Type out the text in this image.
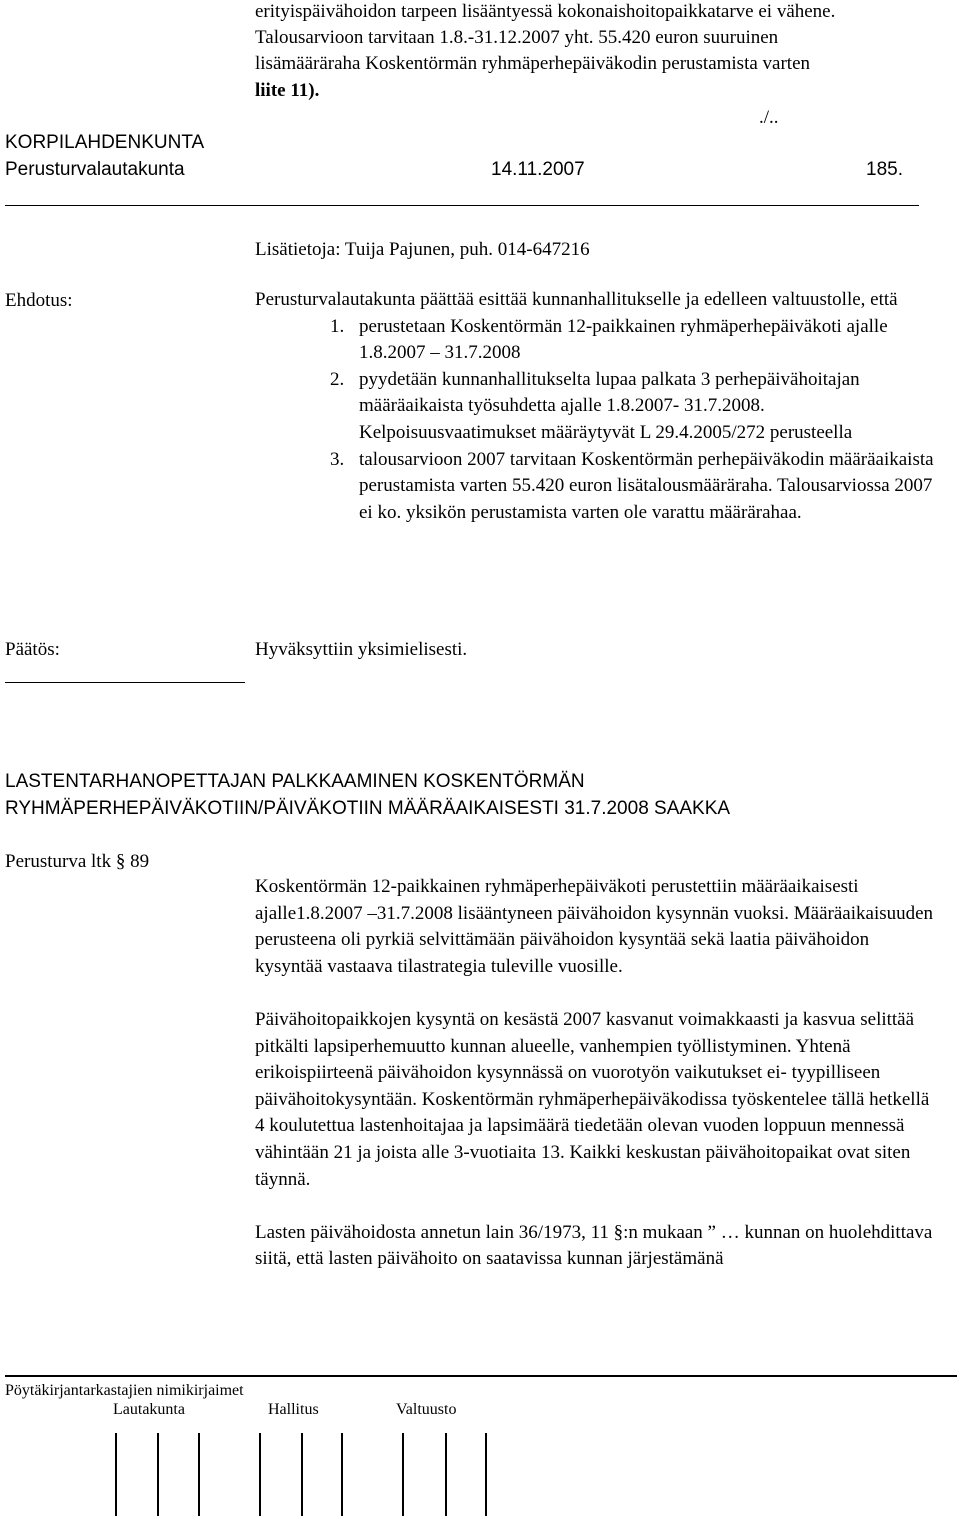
erityispäivähoidon tarpeen lisääntyessä kokonaishoitopaikkatarve ei vähene.
Talousarvioon tarvitaan 1.8.-31.12.2007 yht. 55.420 euron suuruinen
lisämääräraha Koskentörmän ryhmäperhepäiväkodin perustamista varten
liite 11).
./..
KORPILAHDENKUNTA
Perusturvalautakunta	14.11.2007	185.
Lisätietoja: Tuija Pajunen, puh. 014-647216
Ehdotus:	Perusturvalautakunta päättää esittää kunnanhallitukselle ja edelleen valtuustolle, että
1. perustetaan Koskentörmän 12-paikkainen ryhmäperhepäiväkoti ajalle 1.8.2007 – 31.7.2008
2. pyydetään kunnanhallitukselta lupaa palkata 3 perhepäivähoitajan määräaikaista työsuhdetta ajalle 1.8.2007- 31.7.2008. Kelpoisuusvaatimukset määräytyvät L 29.4.2005/272 perusteella
3. talousarvioon 2007 tarvitaan Koskentörmän perhepäiväkodin määräaikaista perustamista varten 55.420 euron lisätalousmääräraha. Talousarviossa 2007 ei ko. yksikön perustamista varten ole varattu määrärahaa.
Päätös:	Hyväksyttiin yksimielisesti.
LASTENTARHANOPETTAJAN PALKKAAMINEN KOSKENTÖRMÄN
RYHMÄPERHEPÄIVÄKOTIIN/PÄIVÄKOTIIN MÄÄRÄAIKAISESTI 31.7.2008 SAAKKA
Perusturva ltk § 89

Koskentörmän 12-paikkainen ryhmäperhepäiväkoti perustettiin määräaikaisesti ajalle1.8.2007 –31.7.2008 lisääntyneen päivähoidon kysynnän vuoksi. Määräaikaisuuden perusteena oli pyrkiä selvittämään päivähoidon kysyntää sekä laatia päivähoidon kysyntää vastaava tilastrategia tuleville vuosille.

Päivähoitopaikkojen kysyntä on kesästä 2007 kasvanut voimakkaasti ja kasvua selittää pitkälti lapsiperhemuutto kunnan alueelle, vanhempien työllistyminen. Yhtenä erikoispiirteenä päivähoidon kysynnässä on vuorotyön vaikutukset ei- tyypilliseen päivähoitokysyntään. Koskentörmän ryhmäperhepäiväkodissa työskentelee tällä hetkellä 4 koulutettua lastenhoitajaa ja lapsimäärä tiedetään olevan vuoden loppuun mennessä vähintään 21 ja joista alle 3-vuotiaita 13. Kaikki keskustan päivähoitopaikat ovat siten täynnä.

Lasten päivähoidosta annetun lain 36/1973, 11 §:n mukaan ” … kunnan on huolehdittava siitä, että lasten päivähoito on saatavissa kunnan järjestämänä

Pöytäkirjantarkastajien nimikirjaimet
Lautakunta	Hallitus	Valtuusto
